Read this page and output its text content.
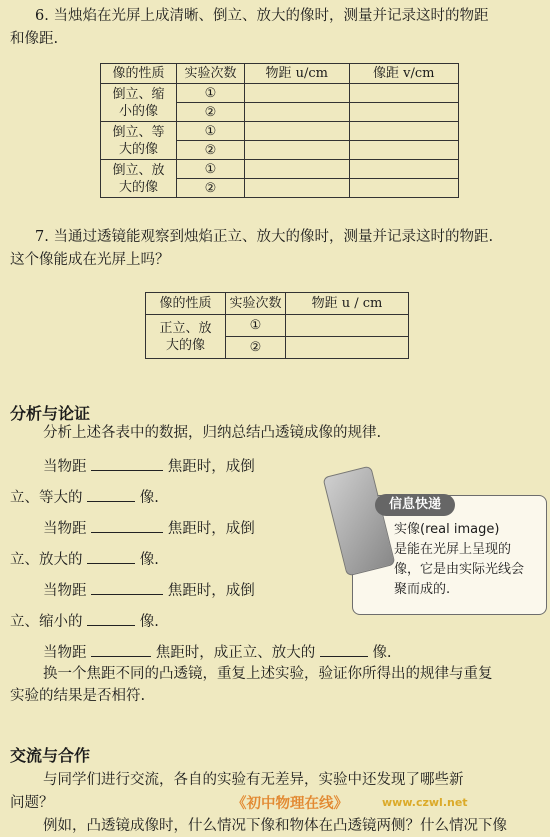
6. 当烛焰在光屏上成清晰、倒立、放大的像时，测量并记录这时的物距
和像距.
像的性质	实验次数	物距 u/cm	像距 v/cm
倒立、缩
小的像	①		
	②		
倒立、等
大的像	①		
	②		
倒立、放
大的像	①		
	②		
7. 当通过透镜能观察到烛焰正立、放大的像时，测量并记录这时的物距.
这个像能成在光屏上吗？
像的性质	实验次数	物距 u / cm
正立、放
大的像	①	
	②	
分析与论证
分析上述各表中的数据，归纳总结凸透镜成像的规律.
当物距	焦距时，成倒
立、等大的	像.
当物距	焦距时，成倒
立、放大的	像.
当物距	焦距时，成倒
立、缩小的	像.
当物距	焦距时，成正立、放大的	像.
换一个焦距不同的凸透镜，重复上述实验，验证你所得出的规律与重复
实验的结果是否相符.
信息快递
实像(real image)
是能在光屏上呈现的
像，它是由实际光线会
聚而成的.
交流与合作
与同学们进行交流，各自的实验有无差异，实验中还发现了哪些新
问题？
例如，凸透镜成像时，什么情况下像和物体在凸透镜两侧？什么情况下像
《初中物理在线》	www.czwl.net
